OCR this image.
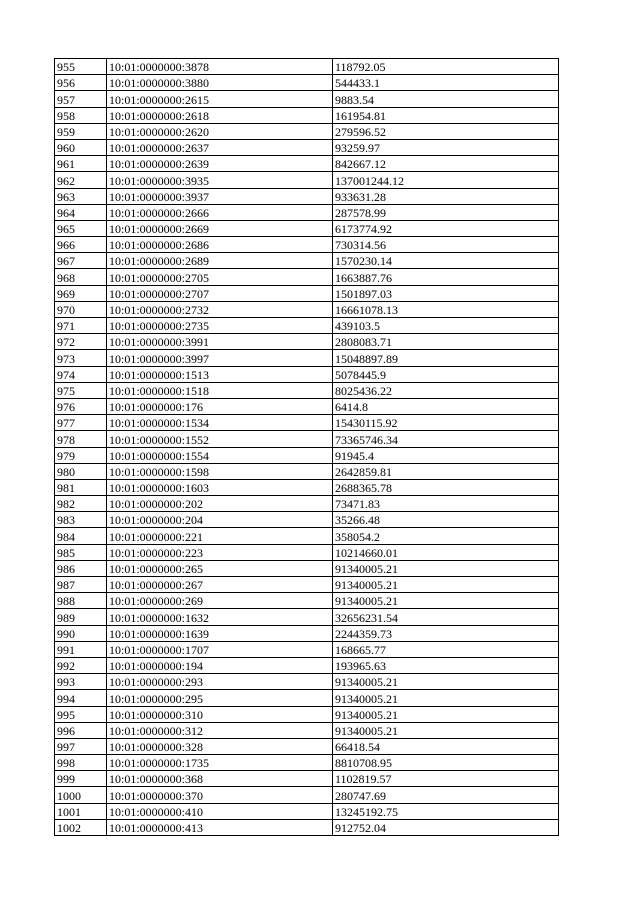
955	10:01:0000000:3878	118792.05
956	10:01:0000000:3880	544433.1
957	10:01:0000000:2615	9883.54
958	10:01:0000000:2618	161954.81
959	10:01:0000000:2620	279596.52
960	10:01:0000000:2637	93259.97
961	10:01:0000000:2639	842667.12
962	10:01:0000000:3935	137001244.12
963	10:01:0000000:3937	933631.28
964	10:01:0000000:2666	287578.99
965	10:01:0000000:2669	6173774.92
966	10:01:0000000:2686	730314.56
967	10:01:0000000:2689	1570230.14
968	10:01:0000000:2705	1663887.76
969	10:01:0000000:2707	1501897.03
970	10:01:0000000:2732	16661078.13
971	10:01:0000000:2735	439103.5
972	10:01:0000000:3991	2808083.71
973	10:01:0000000:3997	15048897.89
974	10:01:0000000:1513	5078445.9
975	10:01:0000000:1518	8025436.22
976	10:01:0000000:176	6414.8
977	10:01:0000000:1534	15430115.92
978	10:01:0000000:1552	73365746.34
979	10:01:0000000:1554	91945.4
980	10:01:0000000:1598	2642859.81
981	10:01:0000000:1603	2688365.78
982	10:01:0000000:202	73471.83
983	10:01:0000000:204	35266.48
984	10:01:0000000:221	358054.2
985	10:01:0000000:223	10214660.01
986	10:01:0000000:265	91340005.21
987	10:01:0000000:267	91340005.21
988	10:01:0000000:269	91340005.21
989	10:01:0000000:1632	32656231.54
990	10:01:0000000:1639	2244359.73
991	10:01:0000000:1707	168665.77
992	10:01:0000000:194	193965.63
993	10:01:0000000:293	91340005.21
994	10:01:0000000:295	91340005.21
995	10:01:0000000:310	91340005.21
996	10:01:0000000:312	91340005.21
997	10:01:0000000:328	66418.54
998	10:01:0000000:1735	8810708.95
999	10:01:0000000:368	1102819.57
1000	10:01:0000000:370	280747.69
1001	10:01:0000000:410	13245192.75
1002	10:01:0000000:413	912752.04
